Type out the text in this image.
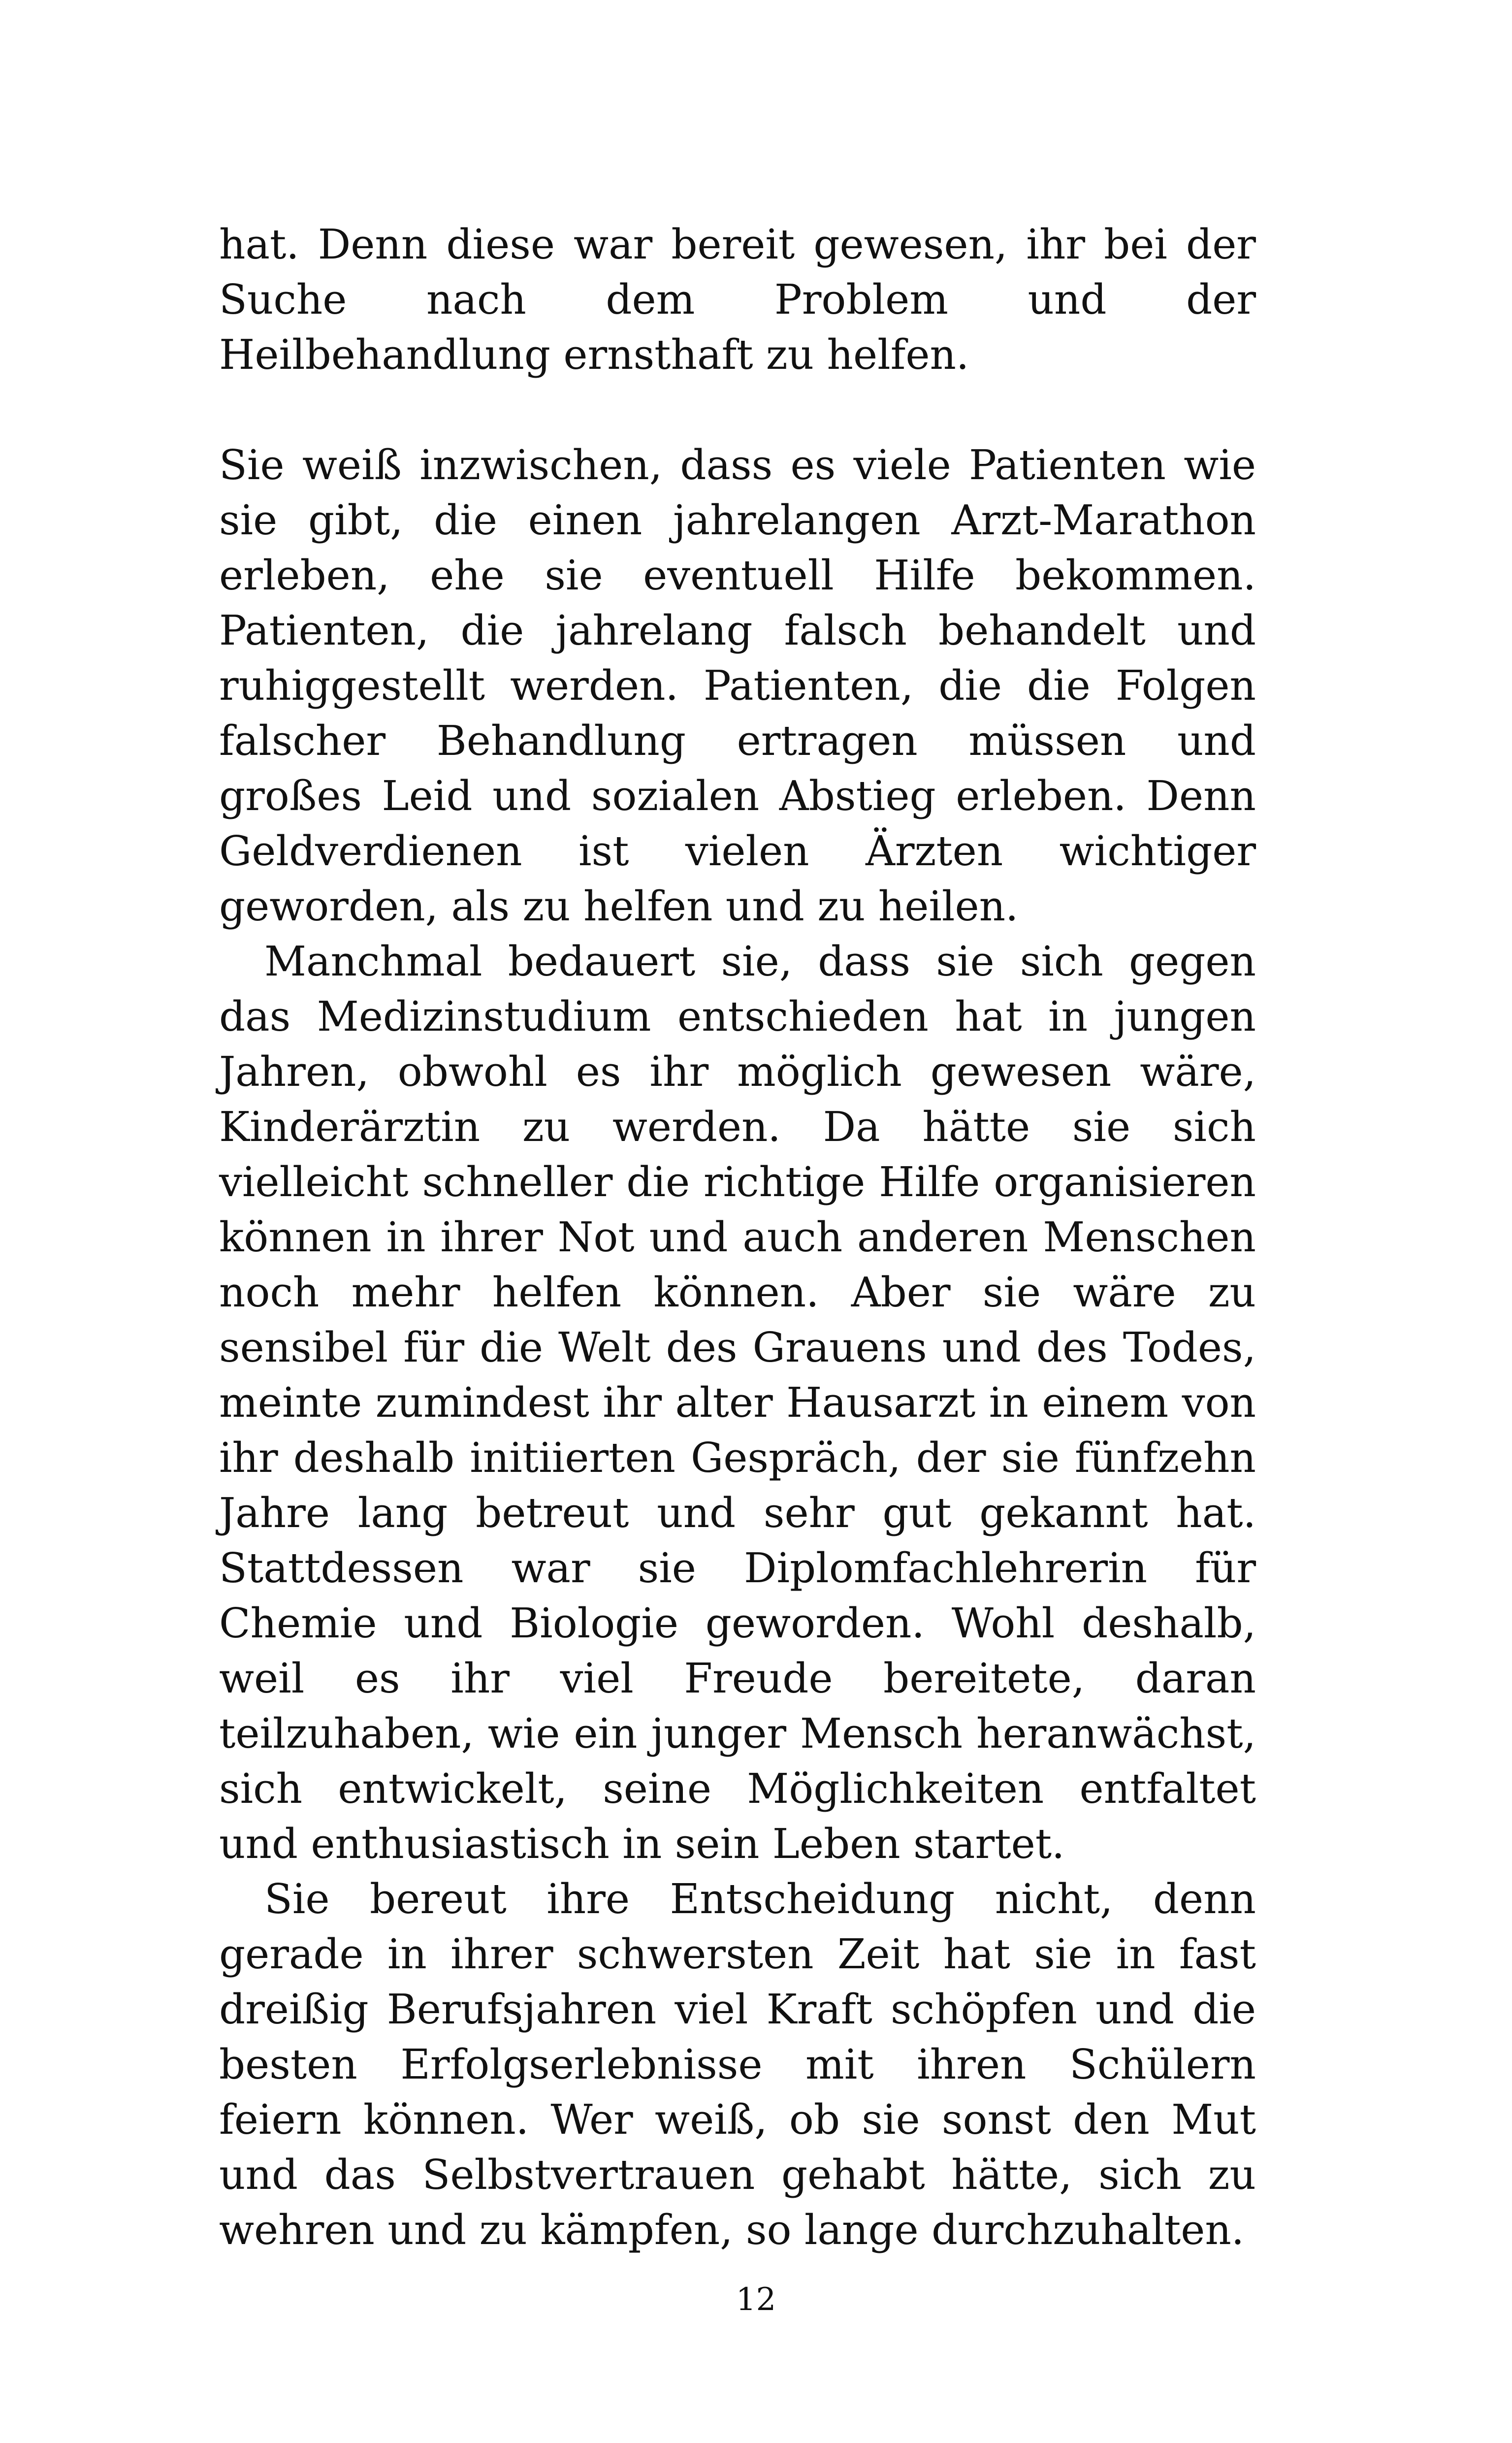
hat. Denn diese war bereit gewesen, ihr bei der Suche nach dem Problem und der Heilbehandlung ernsthaft zu helfen.

Sie weiß inzwischen, dass es viele Patienten wie sie gibt, die einen jahrelangen Arzt-Marathon erleben, ehe sie eventuell Hilfe bekommen. Patienten, die jahrelang falsch behandelt und ruhiggestellt werden. Patienten, die die Folgen falscher Behandlung ertragen müssen und großes Leid und sozialen Abstieg erleben. Denn Geldverdienen ist vielen Ärzten wichtiger geworden, als zu helfen und zu heilen.

Manchmal bedauert sie, dass sie sich gegen das Medizinstudium entschieden hat in jungen Jahren, obwohl es ihr möglich gewesen wäre, Kinderärztin zu werden. Da hätte sie sich vielleicht schneller die richtige Hilfe organisieren können in ihrer Not und auch anderen Menschen noch mehr helfen können. Aber sie wäre zu sensibel für die Welt des Grauens und des Todes, meinte zumindest ihr alter Hausarzt in einem von ihr deshalb initiierten Gespräch, der sie fünfzehn Jahre lang betreut und sehr gut gekannt hat. Stattdessen war sie Diplomfachlehrerin für Chemie und Biologie geworden. Wohl deshalb, weil es ihr viel Freude bereitete, daran teilzuhaben, wie ein junger Mensch heranwächst, sich entwickelt, seine Möglichkeiten entfaltet und enthusiastisch in sein Leben startet.

Sie bereut ihre Entscheidung nicht, denn gerade in ihrer schwersten Zeit hat sie in fast dreißig Berufsjahren viel Kraft schöpfen und die besten Erfolgserlebnisse mit ihren Schülern feiern können. Wer weiß, ob sie sonst den Mut und das Selbstvertrauen gehabt hätte, sich zu wehren und zu kämpfen, so lange durchzuhalten.

12
